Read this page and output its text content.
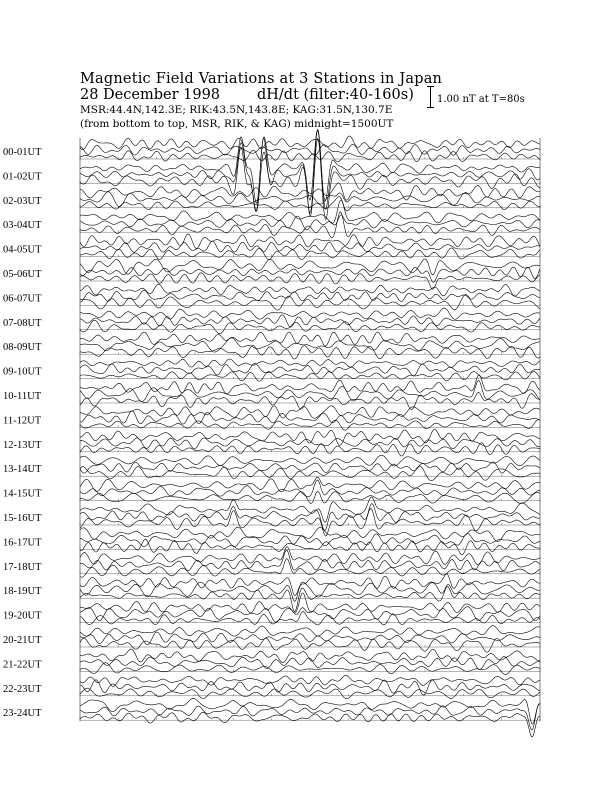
Magnetic Field Variations at 3 Stations in Japan
28 December 1998	dH/dt (filter:40-160s)
MSR:44.4N,142.3E; RIK:43.5N,143.8E; KAG:31.5N,130.7E
(from bottom to top, MSR, RIK, & KAG) midnight=1500UT
1.00 nT at T=80s
00-01UT
01-02UT
02-03UT
03-04UT
04-05UT
05-06UT
06-07UT
07-08UT
08-09UT
09-10UT
10-11UT
11-12UT
12-13UT
13-14UT
14-15UT
15-16UT
16-17UT
17-18UT
18-19UT
19-20UT
20-21UT
21-22UT
22-23UT
23-24UT
